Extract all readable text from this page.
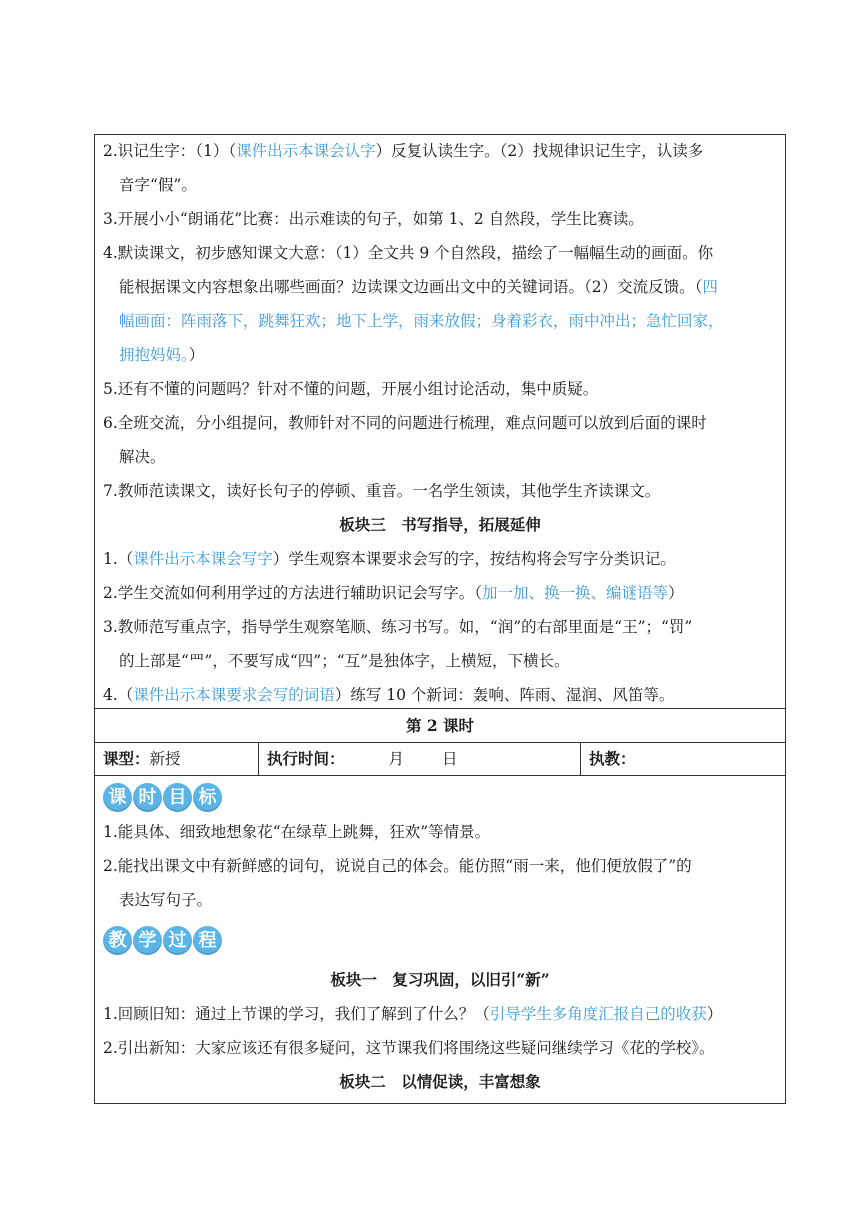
2.识记生字：（1）（课件出示本课会认字）反复认读生字。（2）找规律识记生字，认读多
音字“假”。
3.开展小小“朗诵花”比赛：出示难读的句子，如第 1、2 自然段，学生比赛读。
4.默读课文，初步感知课文大意：（1）全文共 9 个自然段，描绘了一幅幅生动的画面。你
能根据课文内容想象出哪些画面？边读课文边画出文中的关键词语。（2）交流反馈。（四
幅画面：阵雨落下，跳舞狂欢；地下上学，雨来放假；身着彩衣，雨中冲出；急忙回家，
拥抱妈妈。）
5.还有不懂的问题吗？针对不懂的问题，开展小组讨论活动，集中质疑。
6.全班交流，分小组提问，教师针对不同的问题进行梳理，难点问题可以放到后面的课时
解决。
7.教师范读课文，读好长句子的停顿、重音。一名学生领读，其他学生齐读课文。
板块三　书写指导，拓展延伸
1.（课件出示本课会写字）学生观察本课要求会写的字，按结构将会写字分类识记。
2.学生交流如何利用学过的方法进行辅助识记会写字。（加一加、换一换、编谜语等）
3.教师范写重点字，指导学生观察笔顺、练习书写。如，“润”的右部里面是“王”；“罚”
的上部是“罒”，不要写成“四”；“互”是独体字，上横短，下横长。
4.（课件出示本课要求会写的词语）练写 10 个新词：轰响、阵雨、湿润、风笛等。
第 2 课时
课型：新授	执行时间：	月 日	执教：
课 时 目 标
1.能具体、细致地想象花“在绿草上跳舞，狂欢”等情景。
2.能找出课文中有新鲜感的词句，说说自己的体会。能仿照“雨一来，他们便放假了”的
表达写句子。
教 学 过 程
板块一　复习巩固，以旧引“新”
1.回顾旧知：通过上节课的学习，我们了解到了什么？（引导学生多角度汇报自己的收获）
2.引出新知：大家应该还有很多疑问，这节课我们将围绕这些疑问继续学习《花的学校》。
板块二　以情促读，丰富想象
